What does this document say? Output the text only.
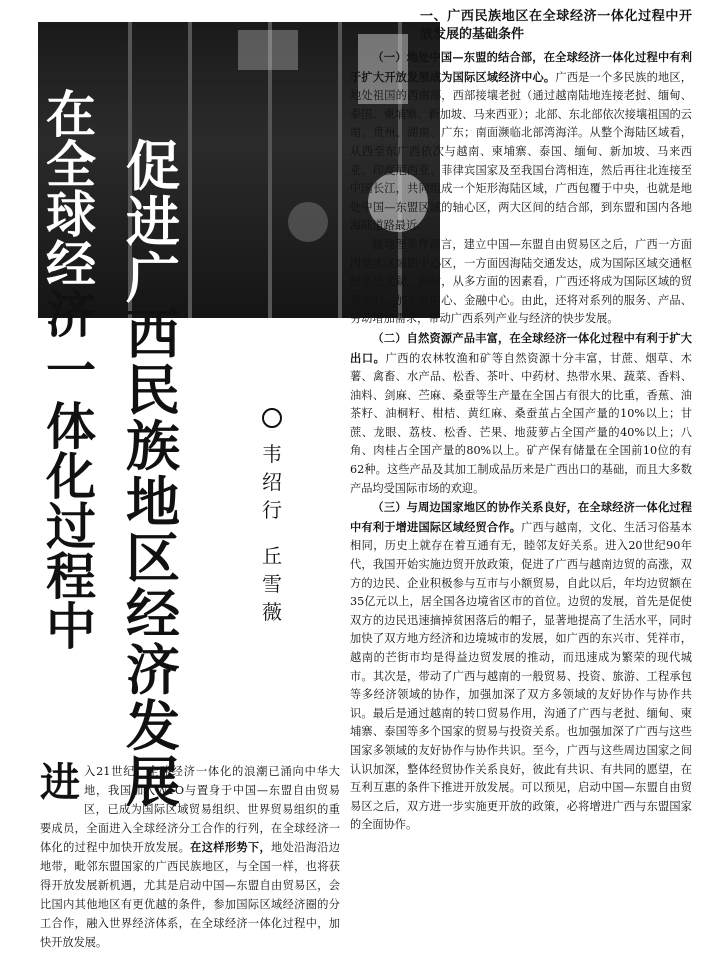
促
进
广
西
民
族
地
区
经
济
发
展
在
全
球
经
济
一
体
化
过
程
中
韦
绍
行
丘
雪
薇

一、广西民族地区在全球经济一体化过程中开放发展的基础条件

（一）地处中国—东盟的结合部，在全球经济一体化过程中有利于扩大开放发展成为国际区域经济中心。广西是一个多民族的地区，地处祖国的西南部，西部接壤老挝（通过越南陆地连接老挝、缅甸、泰国、柬埔寨、新加坡、马来西亚）；北部、东北部依次接壤祖国的云南、贵州、湖南、广东；南面濒临北部湾海洋。从整个海陆区域看，从西至东广西依次与越南、柬埔寨、泰国、缅甸、新加坡、马来西亚、印度尼西亚、菲律宾国家及至我国台湾相连，然后再往北连接至中国长江，共同组成一个矩形海陆区域，广西包覆于中央，也就是地处中国—东盟区域的轴心区，两大区间的结合部，到东盟和国内各地海陆道路最近。

就地理条件而言，建立中国—东盟自由贸易区之后，广西一方面因是本区域的中心区，一方面因海陆交通发达，成为国际区域交通枢纽必是无疑。同时，从多方面的因素看，广西还将成为国际区域的贸易中心、加工业中心、金融中心。由此，还将对系列的服务、产品、劳动增加需求，带动广西系列产业与经济的快步发展。

（二）自然资源产品丰富，在全球经济一体化过程中有利于扩大出口。广西的农林牧渔和矿等自然资源十分丰富，甘蔗、烟草、木薯、禽畜、水产品、松香、茶叶、中药材、热带水果、蔬菜、香料、油料、剑麻、苎麻、桑蚕等生产量在全国占有很大的比重，香蕉、油茶籽、油桐籽、柑桔、黄红麻、桑蚕茧占全国产量的10%以上；甘蔗、龙眼、荔枝、松香、芒果、地菠萝占全国产量的40%以上；八角、肉桂占全国产量的80%以上。矿产保有储量在全国前10位的有62种。这些产品及其加工制成品历来是广西出口的基础，而且大多数产品均受国际市场的欢迎。

（三）与周边国家地区的协作关系良好，在全球经济一体化过程中有利于增进国际区域经贸合作。广西与越南，文化、生活习俗基本相同，历史上就存在着互通有无，睦邻友好关系。进入20世纪90年代，我国开始实施边贸开放政策，促进了广西与越南边贸的高涨，双方的边民、企业积极参与互市与小额贸易，自此以后，年均边贸额在35亿元以上，居全国各边境省区市的首位。边贸的发展，首先是促使双方的边民迅速摘掉贫困落后的帽子，显著地提高了生活水平，同时加快了双方地方经济和边境城市的发展，如广西的东兴市、凭祥市，越南的芒街市均是得益边贸发展的推动，而迅速成为繁荣的现代城市。其次是，带动了广西与越南的一般贸易、投资、旅游、工程承包等多经济领域的协作，加强加深了双方多领域的友好协作与协作共识。最后是通过越南的转口贸易作用，沟通了广西与老挝、缅甸、柬埔寨、泰国等多个国家的贸易与投资关系。也加强加深了广西与这些国家多领域的友好协作与协作共识。至今，广西与这些周边国家之间认识加深，整体经贸协作关系良好，彼此有共识、有共同的愿望，在互利互惠的条件下推进开放发展。可以预见，启动中国—东盟自由贸易区之后，双方进一步实施更开放的政策，必将增进广西与东盟国家的全面协作。

进入21世纪，全球经济一体化的浪潮已涌向中华大地，我国加入WTO与置身于中国—东盟自由贸易区，已成为国际区域贸易组织、世界贸易组织的重要成员，全面进入全球经济分工合作的行列，在全球经济一体化的过程中加快开放发展。在这样形势下，地处沿海沿边地带，毗邻东盟国家的广西民族地区，与全国一样，也将获得开放发展新机遇，尤其是启动中国—东盟自由贸易区，会比国内其他地区有更优越的条件，参加国际区域经济圈的分工合作，融入世界经济体系，在全球经济一体化过程中，加快开放发展。
